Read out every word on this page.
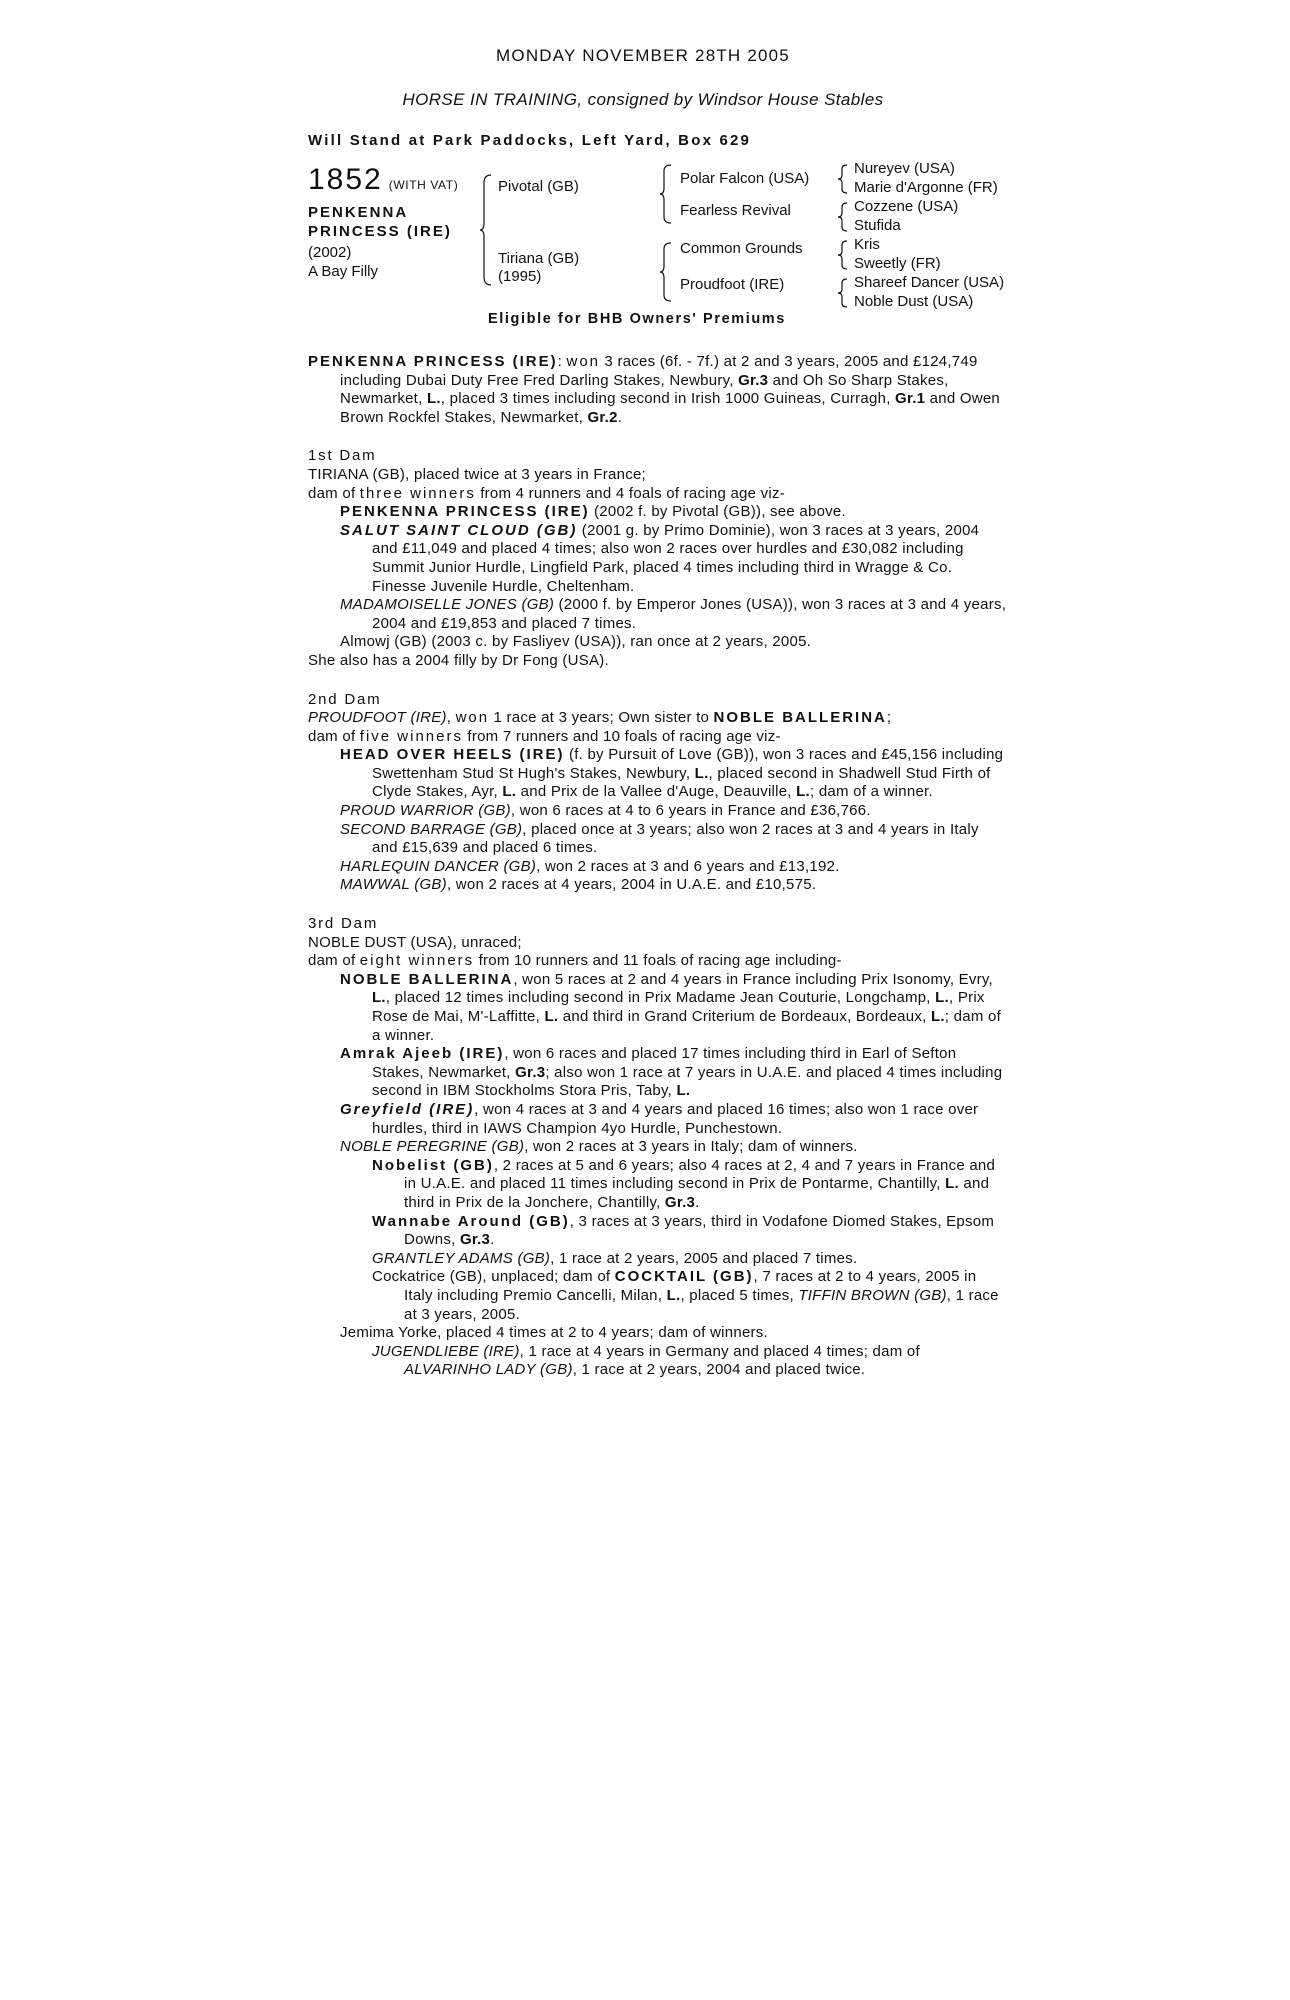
MONDAY NOVEMBER 28TH 2005
HORSE IN TRAINING, consigned by Windsor House Stables
Will Stand at Park Paddocks, Left Yard, Box 629
1852 (WITH VAT)
PENKENNA
PRINCESS (IRE)
(2002)
A Bay Filly
Pivotal (GB)
Tiriana (GB)
(1995)
Polar Falcon (USA)
Fearless Revival
Common Grounds
Proudfoot (IRE)
Nureyev (USA)
Marie d'Argonne (FR)
Cozzene (USA)
Stufida
Kris
Sweetly (FR)
Shareef Dancer (USA)
Noble Dust (USA)
Eligible for BHB Owners' Premiums

PENKENNA PRINCESS (IRE): won 3 races (6f. - 7f.) at 2 and 3 years, 2005 and £124,749 including Dubai Duty Free Fred Darling Stakes, Newbury, Gr.3 and Oh So Sharp Stakes, Newmarket, L., placed 3 times including second in Irish 1000 Guineas, Curragh, Gr.1 and Owen Brown Rockfel Stakes, Newmarket, Gr.2.

1st Dam

TIRIANA (GB), placed twice at 3 years in France;

dam of three winners from 4 runners and 4 foals of racing age viz-

PENKENNA PRINCESS (IRE) (2002 f. by Pivotal (GB)), see above.

SALUT SAINT CLOUD (GB) (2001 g. by Primo Dominie), won 3 races at 3 years, 2004 and £11,049 and placed 4 times; also won 2 races over hurdles and £30,082 including Summit Junior Hurdle, Lingfield Park, placed 4 times including third in Wragge & Co. Finesse Juvenile Hurdle, Cheltenham.

MADAMOISELLE JONES (GB) (2000 f. by Emperor Jones (USA)), won 3 races at 3 and 4 years, 2004 and £19,853 and placed 7 times.

Almowj (GB) (2003 c. by Fasliyev (USA)), ran once at 2 years, 2005.

She also has a 2004 filly by Dr Fong (USA).

2nd Dam

PROUDFOOT (IRE), won 1 race at 3 years; Own sister to NOBLE BALLERINA;

dam of five winners from 7 runners and 10 foals of racing age viz-

HEAD OVER HEELS (IRE) (f. by Pursuit of Love (GB)), won 3 races and £45,156 including Swettenham Stud St Hugh's Stakes, Newbury, L., placed second in Shadwell Stud Firth of Clyde Stakes, Ayr, L. and Prix de la Vallee d'Auge, Deauville, L.; dam of a winner.

PROUD WARRIOR (GB), won 6 races at 4 to 6 years in France and £36,766.

SECOND BARRAGE (GB), placed once at 3 years; also won 2 races at 3 and 4 years in Italy and £15,639 and placed 6 times.

HARLEQUIN DANCER (GB), won 2 races at 3 and 6 years and £13,192.

MAWWAL (GB), won 2 races at 4 years, 2004 in U.A.E. and £10,575.

3rd Dam

NOBLE DUST (USA), unraced;

dam of eight winners from 10 runners and 11 foals of racing age including-

NOBLE BALLERINA, won 5 races at 2 and 4 years in France including Prix Isonomy, Evry, L., placed 12 times including second in Prix Madame Jean Couturie, Longchamp, L., Prix Rose de Mai, M'-Laffitte, L. and third in Grand Criterium de Bordeaux, Bordeaux, L.; dam of a winner.

Amrak Ajeeb (IRE), won 6 races and placed 17 times including third in Earl of Sefton Stakes, Newmarket, Gr.3; also won 1 race at 7 years in U.A.E. and placed 4 times including second in IBM Stockholms Stora Pris, Taby, L.

Greyfield (IRE), won 4 races at 3 and 4 years and placed 16 times; also won 1 race over hurdles, third in IAWS Champion 4yo Hurdle, Punchestown.

NOBLE PEREGRINE (GB), won 2 races at 3 years in Italy; dam of winners.

Nobelist (GB), 2 races at 5 and 6 years; also 4 races at 2, 4 and 7 years in France and in U.A.E. and placed 11 times including second in Prix de Pontarme, Chantilly, L. and third in Prix de la Jonchere, Chantilly, Gr.3.

Wannabe Around (GB), 3 races at 3 years, third in Vodafone Diomed Stakes, Epsom Downs, Gr.3.

GRANTLEY ADAMS (GB), 1 race at 2 years, 2005 and placed 7 times.

Cockatrice (GB), unplaced; dam of COCKTAIL (GB), 7 races at 2 to 4 years, 2005 in Italy including Premio Cancelli, Milan, L., placed 5 times, TIFFIN BROWN (GB), 1 race at 3 years, 2005.

Jemima Yorke, placed 4 times at 2 to 4 years; dam of winners.

JUGENDLIEBE (IRE), 1 race at 4 years in Germany and placed 4 times; dam of ALVARINHO LADY (GB), 1 race at 2 years, 2004 and placed twice.
